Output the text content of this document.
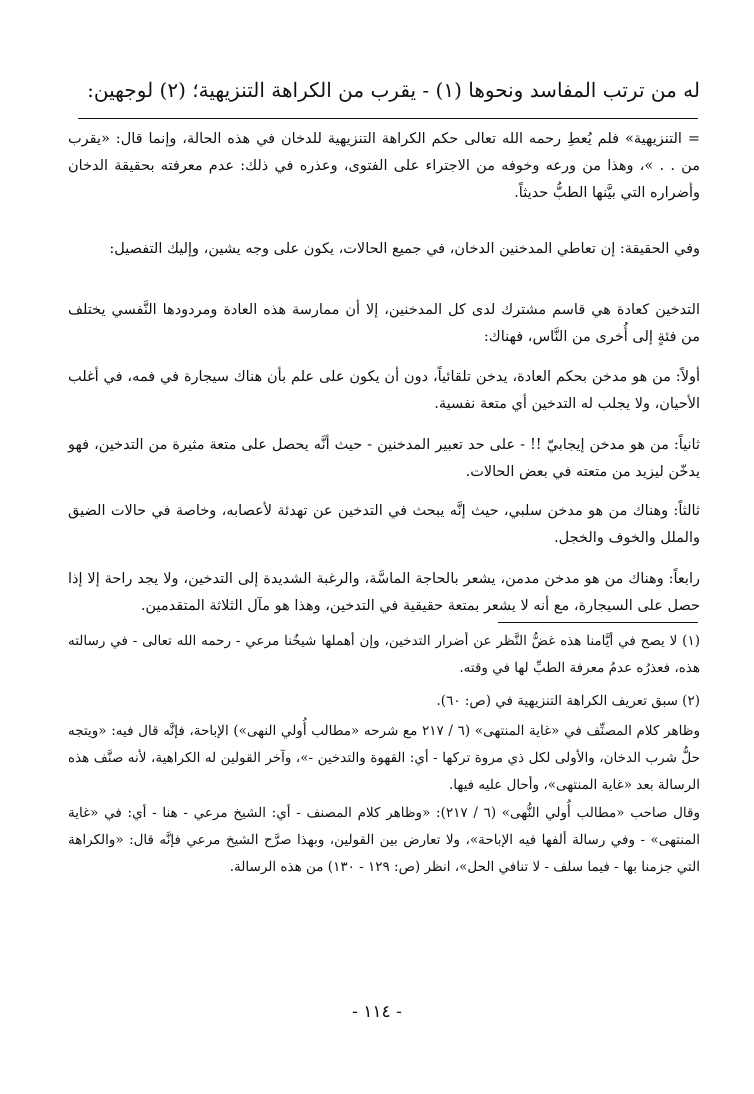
له من ترتب المفاسد ونحوها (١) - يقرب من الكراهة التنزيهية؛ (٢) لوجهين:
= التنزيهية» فلم يُعطِ رحمه الله تعالى حكم الكراهة التنزيهية للدخان في هذه الحالة، وإنما قال: «يقرب من . . »، وهذا من ورعه وخوفه من الاجتراء على الفتوى، وعذره في ذلك: عدم معرفته بحقيقة الدخان وأضراره التي بيَّنها الطبُّ حديثاً.
وفي الحقيقة: إن تعاطي المدخنين الدخان، في جميع الحالات، يكون على وجه يشين، وإليك التفصيل:
التدخين كعادة هي قاسم مشترك لدى كل المدخنين، إلا أن ممارسة هذه العادة ومردودها النَّفسي يختلف من فئةٍ إلى أُخرى من النَّاس، فهناك:
أولاً: من هو مدخن بحكم العادة، يدخن تلقائياً، دون أن يكون على علم بأن هناك سيجارة في فمه، في أغلب الأحيان، ولا يجلب له التدخين أي متعة نفسية.
ثانياً: من هو مدخن إيجابيّ !! - على حد تعبير المدخنين - حيث أنَّه يحصل على متعة مثيرة من التدخين، فهو يدخّن ليزيد من متعته في بعض الحالات.
ثالثاً: وهناك من هو مدخن سلبي، حيث إنَّه يبحث في التدخين عن تهدئة لأعصابه، وخاصة في حالات الضيق والملل والخوف والخجل.
رابعاً: وهناك من هو مدخن مدمن، يشعر بالحاجة الماسَّة، والرغبة الشديدة إلى التدخين، ولا يجد راحة إلا إذا حصل على السيجارة، مع أنه لا يشعر بمتعة حقيقية في التدخين، وهذا هو مآل الثلاثة المتقدمين.
(١) لا يصح في أيَّامنا هذه غضُّ النَّظر عن أضرار التدخين، وإن أهملها شيخُنا مرعي - رحمه الله تعالى - في رسالته هذه، فعذرُه عدمُ معرفة الطبِّ لها في وقته.
(٢) سبق تعريف الكراهة التنزيهية في (ص: ٦٠).
وظاهر كلام المصنِّف في «غاية المنتهى» (٦ / ٢١٧ مع شرحه «مطالب أُولي النهى») الإباحة، فإنَّه قال فيه: «ويتجه حلُّ شرب الدخان، والأولى لكل ذي مروة تركها - أي: القهوة والتدخين -»، وآخر القولين له الكراهية، لأنه صنَّف هذه الرسالة بعد «غاية المنتهى»، وأحال عليه فيها.
وقال صاحب «مطالب أُولي النُّهى» (٦ / ٢١٧): «وظاهر كلام المصنف - أي: الشيخ مرعي - هنا - أي: في «غاية المنتهى» - وفي رسالة ألفها فيه الإباحة»، ولا تعارض بين القولين، وبهذا صرَّح الشيخ مرعي فإنَّه قال: «والكراهة التي جزمنا بها - فيما سلف - لا تنافي الحل»، انظر (ص: ١٢٩ - ١٣٠) من هذه الرسالة.
- ١١٤ -
